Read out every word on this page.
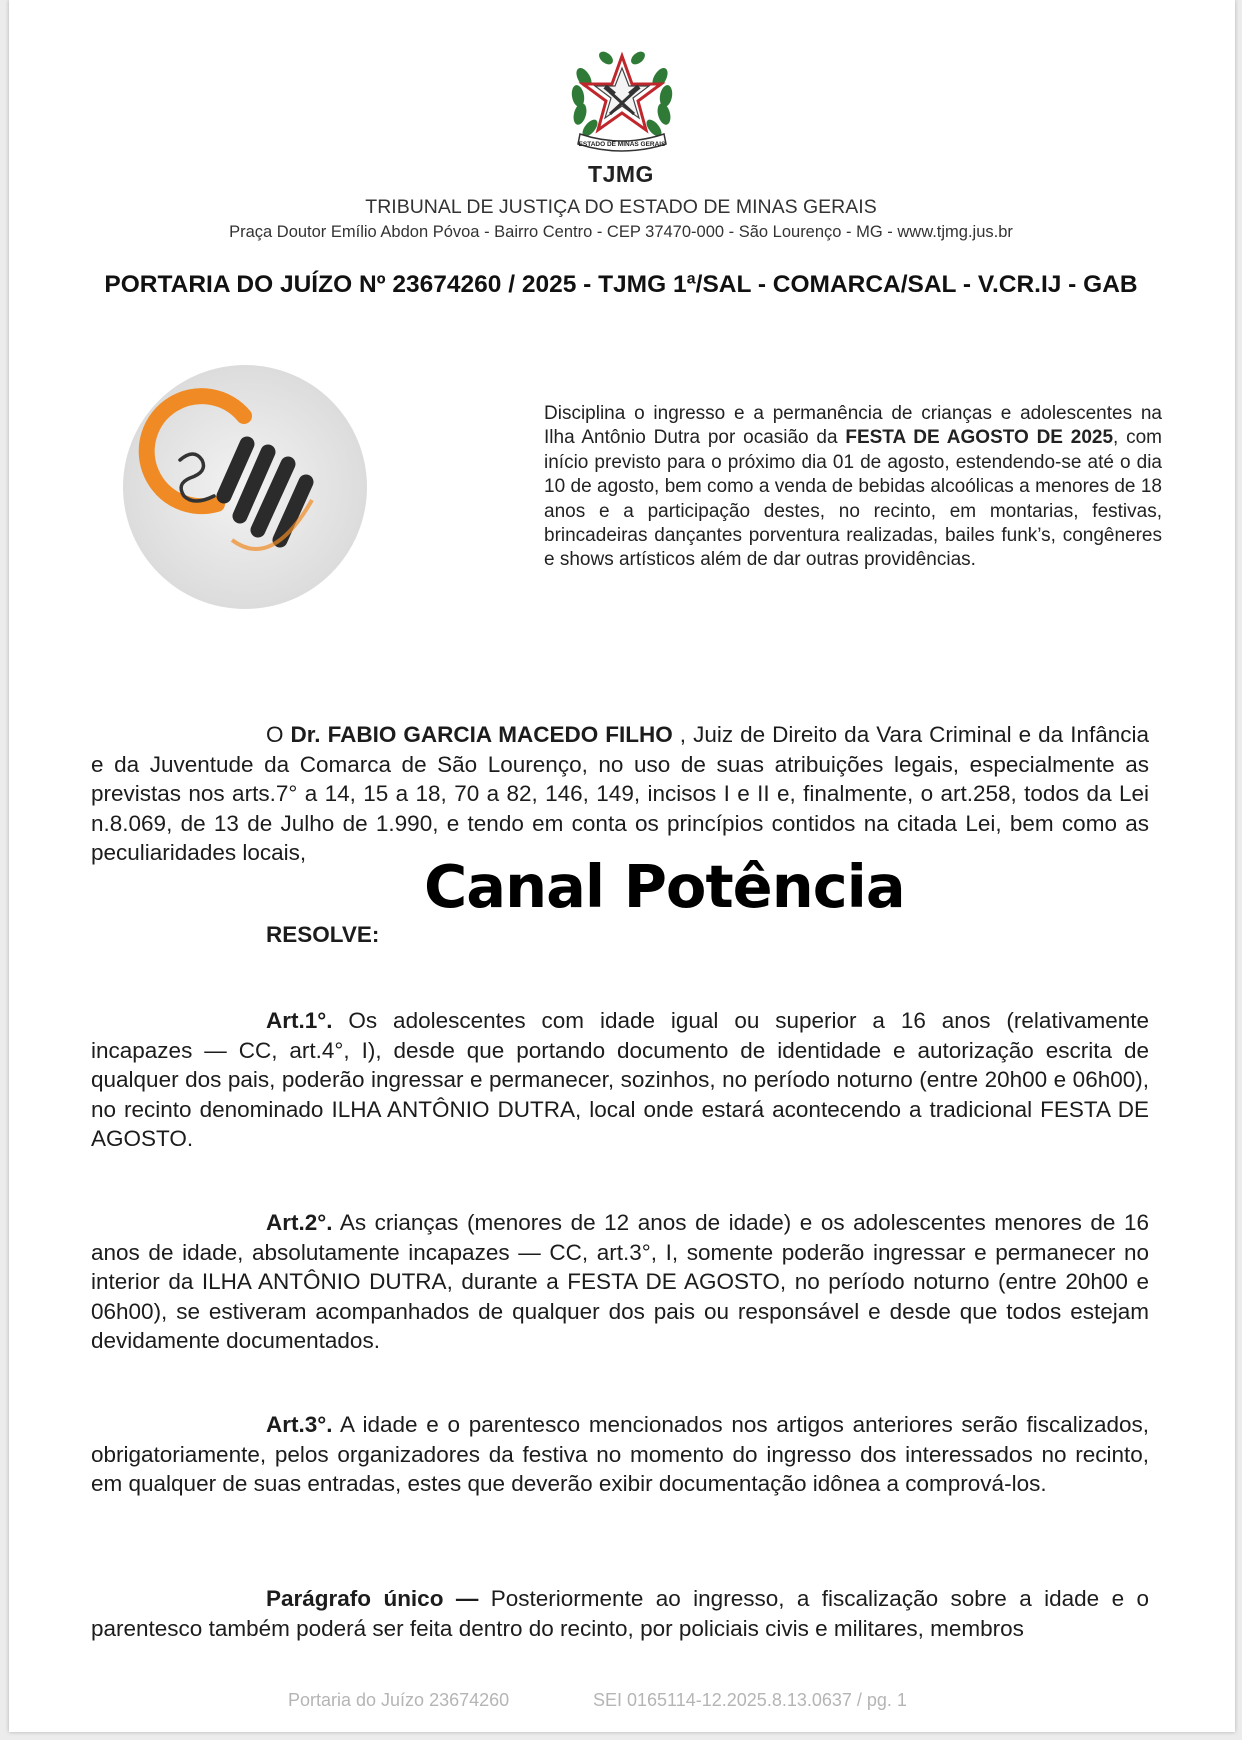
ESTADO DE MINAS GERAIS
TJMG
TRIBUNAL DE JUSTIÇA DO ESTADO DE MINAS GERAIS
Praça Doutor Emílio Abdon Póvoa - Bairro Centro - CEP 37470-000 - São Lourenço - MG - www.tjmg.jus.br
PORTARIA DO JUÍZO Nº 23674260 / 2025 - TJMG 1ª/SAL - COMARCA/SAL - V.CR.IJ - GAB
Disciplina o ingresso e a permanência de crianças e adolescentes na Ilha Antônio Dutra por ocasião da FESTA DE AGOSTO DE 2025, com início previsto para o próximo dia 01 de agosto, estendendo-se até o dia 10 de agosto, bem como a venda de bebidas alcoólicas a menores de 18 anos e a participação destes, no recinto, em montarias, festivas, brincadeiras dançantes porventura realizadas, bailes funk’s, congêneres e shows artísticos além de dar outras providências.
O Dr. FABIO GARCIA MACEDO FILHO , Juiz de Direito da Vara Criminal e da Infância e da Juventude da Comarca de São Lourenço, no uso de suas atribuições legais, especialmente as previstas nos arts.7° a 14, 15 a 18, 70 a 82, 146, 149, incisos I e II e, finalmente, o art.258, todos da Lei n.8.069, de 13 de Julho de 1.990, e tendo em conta os princípios contidos na citada Lei, bem como as peculiaridades locais,	Canal Potência
RESOLVE:
Art.1°. Os adolescentes com idade igual ou superior a 16 anos (relativamente incapazes — CC, art.4°, I), desde que portando documento de identidade e autorização escrita de qualquer dos pais, poderão ingressar e permanecer, sozinhos, no período noturno (entre 20h00 e 06h00), no recinto denominado ILHA ANTÔNIO DUTRA, local onde estará acontecendo a tradicional FESTA DE AGOSTO.
Art.2°. As crianças (menores de 12 anos de idade) e os adolescentes menores de 16 anos de idade, absolutamente incapazes — CC, art.3°, I, somente poderão ingressar e permanecer no interior da ILHA ANTÔNIO DUTRA, durante a FESTA DE AGOSTO, no período noturno (entre 20h00 e 06h00), se estiveram acompanhados de qualquer dos pais ou responsável e desde que todos estejam devidamente documentados.
Art.3°. A idade e o parentesco mencionados nos artigos anteriores serão fiscalizados, obrigatoriamente, pelos organizadores da festiva no momento do ingresso dos interessados no recinto, em qualquer de suas entradas, estes que deverão exibir documentação idônea a comprová-los.
Parágrafo único — Posteriormente ao ingresso, a fiscalização sobre a idade e o parentesco também poderá ser feita dentro do recinto, por policiais civis e militares, membros
Portaria do Juízo 23674260	SEI 0165114-12.2025.8.13.0637 / pg. 1
